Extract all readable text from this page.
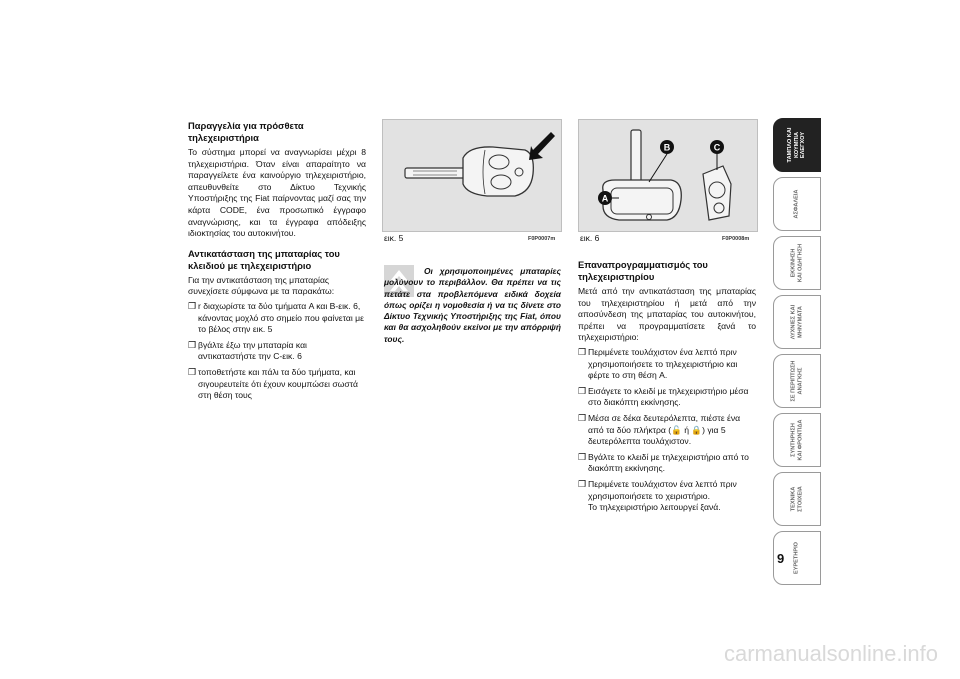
Παραγγελία για πρόσθετα τηλεχειριστήρια

Το σύστημα μπορεί να αναγνωρίσει μέχρι 8 τηλεχειριστήρια. Όταν είναι απαραίτητο να παραγγείλετε ένα καινούργιο τηλεχειριστήριο, απευθυνθείτε στο Δίκτυο Τεχνικής Υποστήριξης της Fiat παίρνοντας μαζί σας την κάρτα CODE, ένα προσωπικό έγγραφο αναγνώρισης, και τα έγγραφα απόδειξης ιδιοκτησίας του αυτοκινήτου.

Αντικατάσταση της μπαταρίας του κλειδιού με τηλεχειριστήριο

Για την αντικατάσταση της μπαταρίας συνεχίσετε σύμφωνα με τα παρακάτω:

❒ r διαχωρίστε τα δύο τμήματα A και B-εικ. 6, κάνοντας μοχλό στο σημείο που φαίνεται με το βέλος στην εικ. 5
❒ βγάλτε έξω την μπαταρία και αντικαταστήστε την C-εικ. 6
❒ τοποθετήστε και πάλι τα δύο τμήματα, και σιγουρευτείτε ότι έχουν κουμπώσει σωστά στη θέση τους
εικ. 5	F0P0007m
Οι χρησιμοποιημένες μπαταρίες μολύνουν το περιβάλλον. Θα πρέπει να τις πετάτε στα προβλεπόμενα ειδικά δοχεία όπως ορίζει η νομοθεσία ή να τις δίνετε στο Δίκτυο Τεχνικής Υποστήριξης της Fiat, όπου και θα ασχοληθούν εκείνοι με την απόρριψή τους.
A
B	C
εικ. 6	F0P0008m
Επαναπρογραμματισμός του τηλεχειριστηρίου

Μετά από την αντικατάσταση της μπαταρίας του τηλεχειριστηρίου ή μετά από την αποσύνδεση της μπαταρίας του αυτοκινήτου, πρέπει να προγραμματίσετε ξανά το τηλεχειριστήριο:

❒ Περιμένετε τουλάχιστον ένα λεπτό πριν χρησιμοποιήσετε το τηλεχειριστήριο και φέρτε το στη θέση A.
❒ Εισάγετε το κλειδί με τηλεχειριστήριο μέσα στο διακόπτη εκκίνησης.
❒ Μέσα σε δέκα δευτερόλεπτα, πιέστε ένα από τα δύο πλήκτρα (🔓 ή 🔒) για 5 δευτερόλεπτα τουλάχιστον.
❒ Βγάλτε το κλειδί με τηλεχειριστήριο από το διακόπτη εκκίνησης.
❒ Περιμένετε τουλάχιστον ένα λεπτό πριν χρησιμοποιήσετε το χειριστήριο.

Το τηλεχειριστήριο λειτουργεί ξανά.

ΤΑΜΠΛΟ ΚΑΙ
ΚΟΥΜΠΙΑ
ΕΛΕΓΧΟΥ
ΑΣΦΑΛΕΙΑ
ΕΚΚΙΝΗΣΗ
ΚΑΙ ΟΔΗΓΗΣΗ
ΛΥΧΝΙΕΣ ΚΑΙ
ΜΗΝΥΜΑΤΑ
ΣΕ ΠΕΡΙΠΤΩΣΗ
ΑΝΑΓΚΗΣ
ΣΥΝΤΗΡΗΣΗ
ΚΑΙ ΦΡΟΝΤΙΔΑ
ΤΕΧΝΙΚΑ
ΣΤΟΙΧΕΙΑ
ΕΥΡΕΤΗΡΙΟ
9
carmanualsonline.info
